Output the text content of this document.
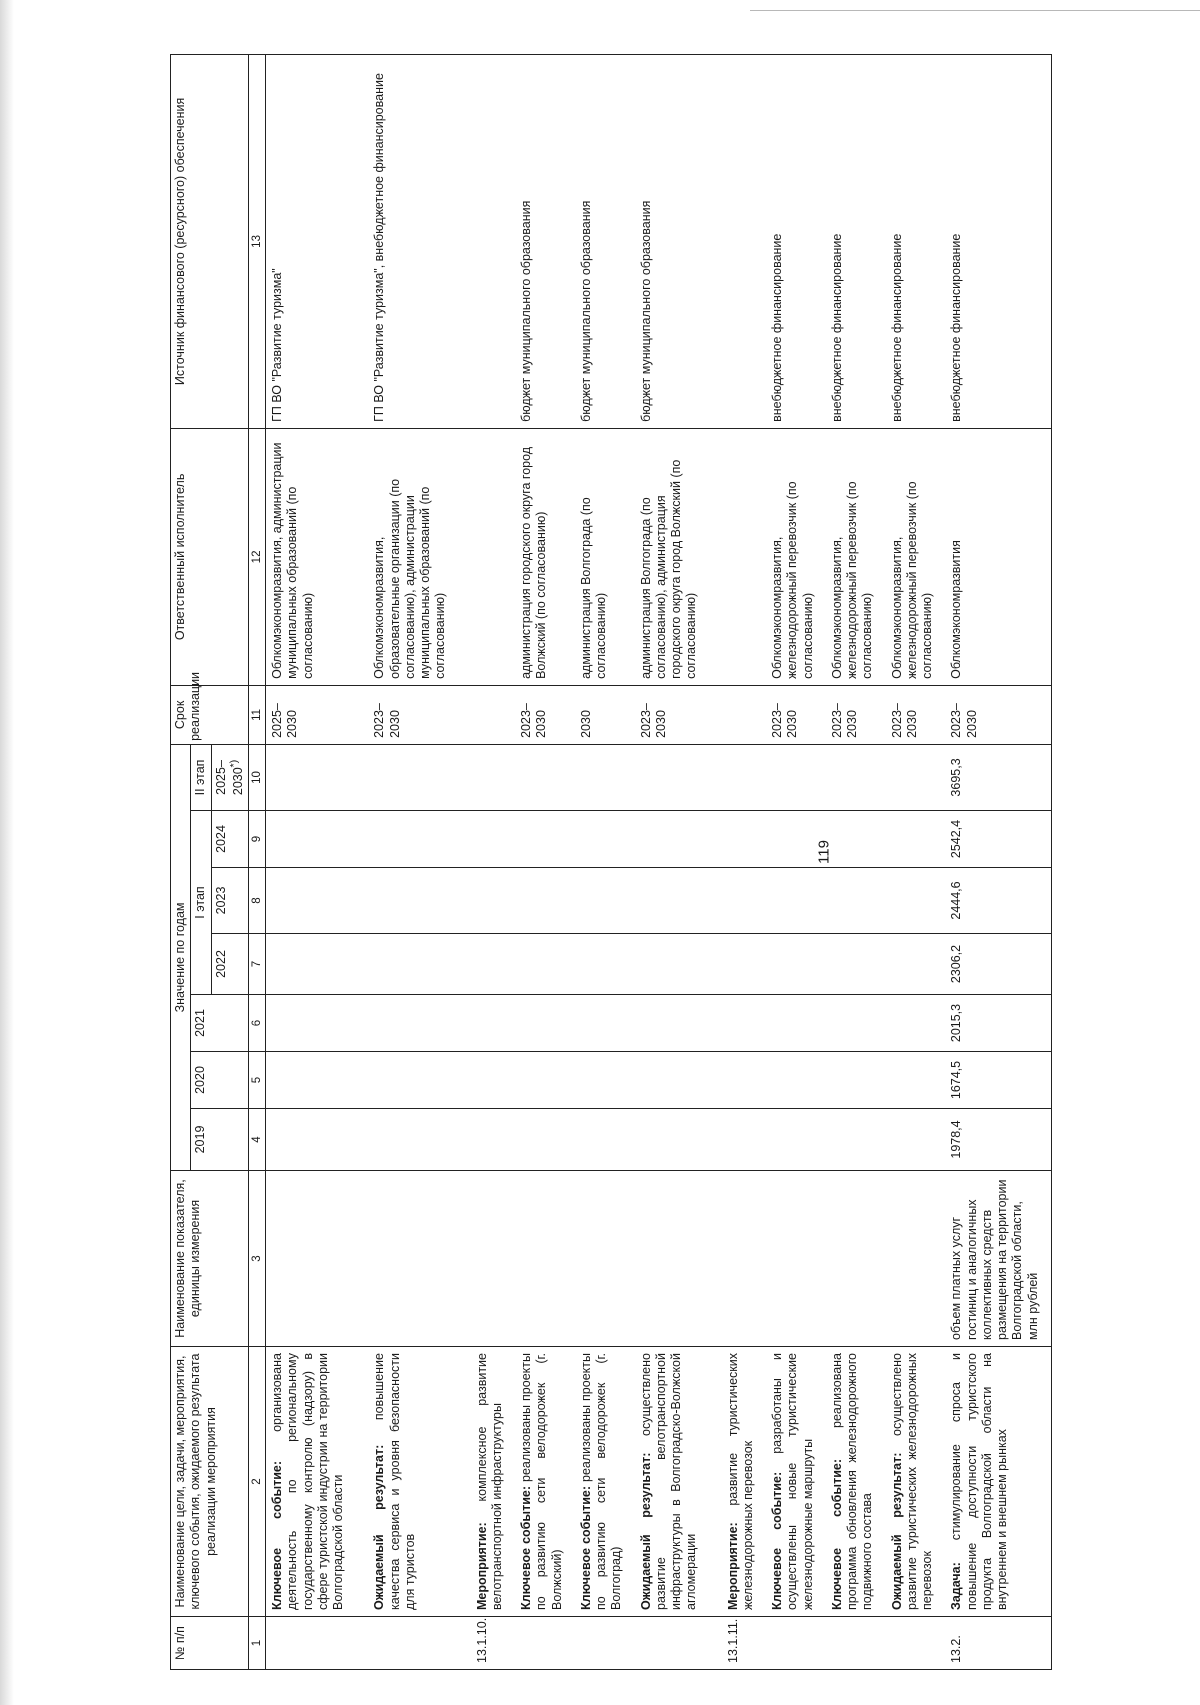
119
№ п/п	Наименование цели, задачи, мероприятия, ключевого события, ожидаемого результата реализации мероприятия	Наименование показателя, единицы измерения	Значение по годам							Срок реализации	Ответственный исполнитель	Источник финансового (ресурсного) обеспечения
			2019	2020	2021	I этап			II этап			
						2022	2023	2024	2025–2030*)
1	2	3	4	5	6	7	8	9	10	11	12	13
	Ключевое событие: организована деятельность по региональному государственному контролю (надзору) в сфере туристской индустрии на территории Волгоградской области									2025–2030	Облкомэкономразвития, администрации муниципальных образований (по согласованию)	ГП ВО "Развитие туризма"
	Ожидаемый результат: повышение качества сервиса и уровня безопасности для туристов									2023–2030	Облкомэкономразвития, образовательные организации (по согласованию), администрации муниципальных образований (по согласованию)	ГП ВО "Развитие туризма", внебюджетное финансирование
13.1.10.	Мероприятие: комплексное развитие велотранспортной инфраструктуры											
	Ключевое событие: реализованы проекты по развитию сети велодорожек (г. Волжский)									2023–2030	администрация городского округа город Волжский (по согласованию)	бюджет муниципального образования
	Ключевое событие: реализованы проекты по развитию сети велодорожек (г. Волгоград)									2030	администрация Волгограда (по согласованию)	бюджет муниципального образования
	Ожидаемый результат: осуществлено развитие велотранспортной инфраструктуры в Волгоградско-Волжской агломерации									2023–2030	администрация Волгограда (по согласованию), администрация городского округа город Волжский (по согласованию)	бюджет муниципального образования
13.1.11.	Мероприятие: развитие туристических железнодорожных перевозок											
	Ключевое событие: разработаны и осуществлены новые туристические железнодорожные маршруты									2023–2030	Облкомэкономразвития, железнодорожный перевозчик (по согласованию)	внебюджетное финансирование
	Ключевое событие: реализована программа обновления железнодорожного подвижного состава									2023–2030	Облкомэкономразвития, железнодорожный перевозчик (по согласованию)	внебюджетное финансирование
	Ожидаемый результат: осуществлено развитие туристических железнодорожных перевозок									2023–2030	Облкомэкономразвития, железнодорожный перевозчик (по согласованию)	внебюджетное финансирование
13.2.	Задача: стимулирование спроса и повышение доступности туристского продукта Волгоградской области на внутреннем и внешнем рынках	объем платных услуг гостиниц и аналогичных коллективных средств размещения на территории Волгоградской области, млн рублей	1978,4	1674,5	2015,3	2306,2	2444,6	2542,4	3695,3	2023–2030	Облкомэкономразвития	внебюджетное финансирование
